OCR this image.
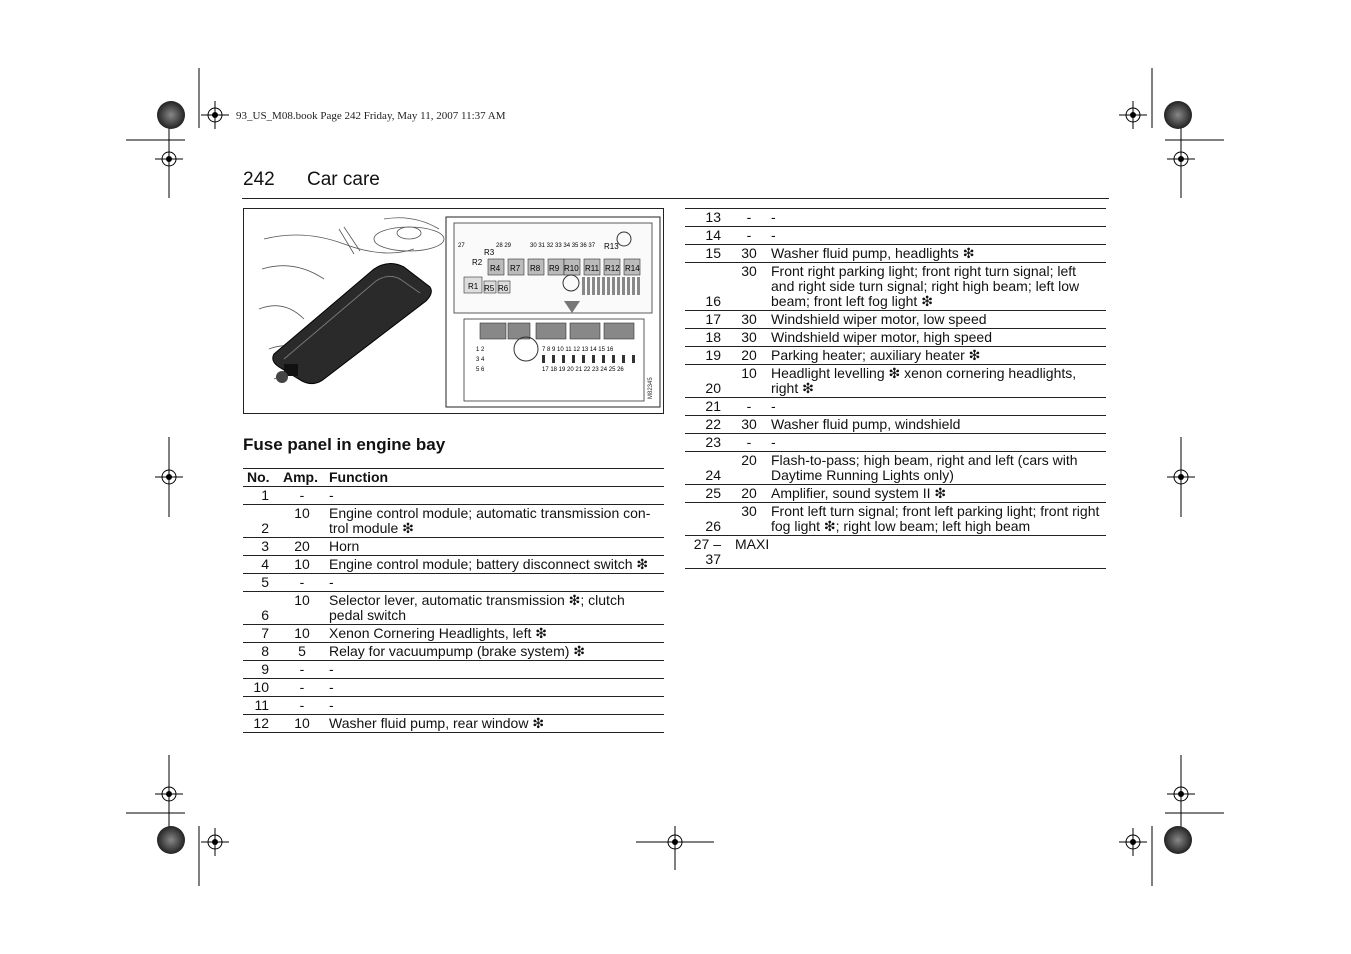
93_US_M08.book Page 242 Friday, May 11, 2007 11:37 AM
242 Car care
R4 R7 R8 R9 R10 R11 R12 R14
R1 R5 R6
R3
R2
R13
27	28 29	30 31 32 33 34 35 36 37
1 2
3 4
5 6
7 8 9 10 11 12 13 14 15 16
17 18 19 20 21 22 23 24 25 26
M82345
Fuse panel in engine bay
No.	Amp.	Function
1	-	-
2	10	Engine control module; automatic transmission con-trol module ❇
3	20	Horn
4	10	Engine control module; battery disconnect switch ❇
5	-	-
6	10	Selector lever, automatic transmission ❇; clutch pedal switch
7	10	Xenon Cornering Headlights, left ❇
8	5	Relay for vacuumpump (brake system) ❇
9	-	-
10	-	-
11	-	-
12	10	Washer fluid pump, rear window ❇
13	-	-
14	-	-
15	30	Washer fluid pump, headlights ❇
16	30	Front right parking light; front right turn signal; left and right side turn signal; right high beam; left low beam; front left fog light ❇
17	30	Windshield wiper motor, low speed
18	30	Windshield wiper motor, high speed
19	20	Parking heater; auxiliary heater ❇
20	10	Headlight levelling ❇ xenon cornering headlights, right ❇
21	-	-
22	30	Washer fluid pump, windshield
23	-	-
24	20	Flash-to-pass; high beam, right and left (cars with Daytime Running Lights only)
25	20	Amplifier, sound system II ❇
26	30	Front left turn signal; front left parking light; front right fog light ❇; right low beam; left high beam
27 –37	MAXI	
